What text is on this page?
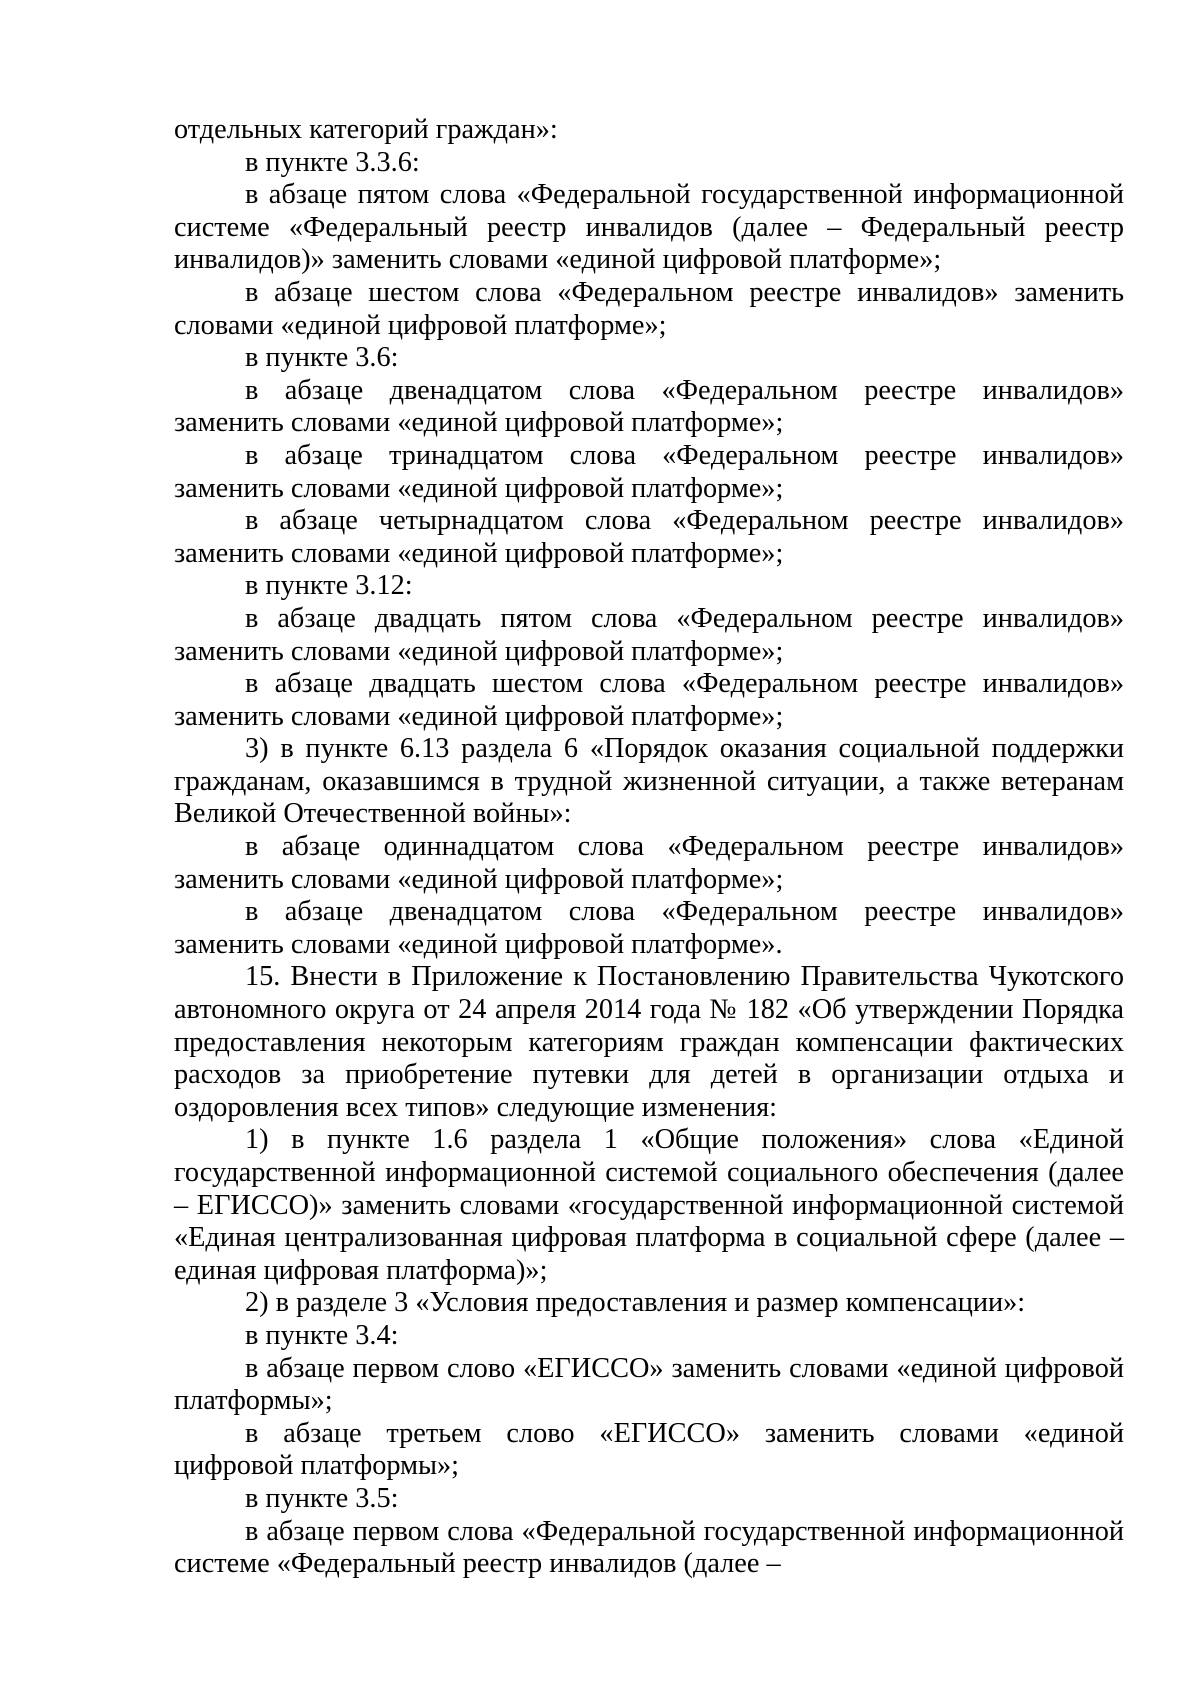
отдельных категорий граждан»:

в пункте 3.3.6:

в абзаце пятом слова «Федеральной государственной информационной системе «Федеральный реестр инвалидов (далее – Федеральный реестр инвалидов)» заменить словами «единой цифровой платформе»;

в абзаце шестом слова «Федеральном реестре инвалидов» заменить словами «единой цифровой платформе»;

в пункте 3.6:

в абзаце двенадцатом слова «Федеральном реестре инвалидов» заменить словами «единой цифровой платформе»;

в абзаце тринадцатом слова «Федеральном реестре инвалидов» заменить словами «единой цифровой платформе»;

в абзаце четырнадцатом слова «Федеральном реестре инвалидов» заменить словами «единой цифровой платформе»;

в пункте 3.12:

в абзаце двадцать пятом слова «Федеральном реестре инвалидов» заменить словами «единой цифровой платформе»;

в абзаце двадцать шестом слова «Федеральном реестре инвалидов» заменить словами «единой цифровой платформе»;

3) в пункте 6.13 раздела 6 «Порядок оказания социальной поддержки гражданам, оказавшимся в трудной жизненной ситуации, а также ветеранам Великой Отечественной войны»:

в абзаце одиннадцатом слова «Федеральном реестре инвалидов» заменить словами «единой цифровой платформе»;

в абзаце двенадцатом слова «Федеральном реестре инвалидов» заменить словами «единой цифровой платформе».

15. Внести в Приложение к Постановлению Правительства Чукотского автономного округа от 24 апреля 2014 года № 182 «Об утверждении Порядка предоставления некоторым категориям граждан компенсации фактических расходов за приобретение путевки для детей в организации отдыха и оздоровления всех типов» следующие изменения:

1) в пункте 1.6 раздела 1 «Общие положения» слова «Единой государственной информационной системой социального обеспечения (далее – ЕГИССО)» заменить словами «государственной информационной системой «Единая централизованная цифровая платформа в социальной сфере (далее – единая цифровая платформа)»;

2) в разделе 3 «Условия предоставления и размер компенсации»:

в пункте 3.4:

в абзаце первом слово «ЕГИССО» заменить словами «единой цифровой платформы»;

в абзаце третьем слово «ЕГИССО» заменить словами «единой цифровой платформы»;

в пункте 3.5:

в абзаце первом слова «Федеральной государственной информационной системе «Федеральный реестр инвалидов (далее –
